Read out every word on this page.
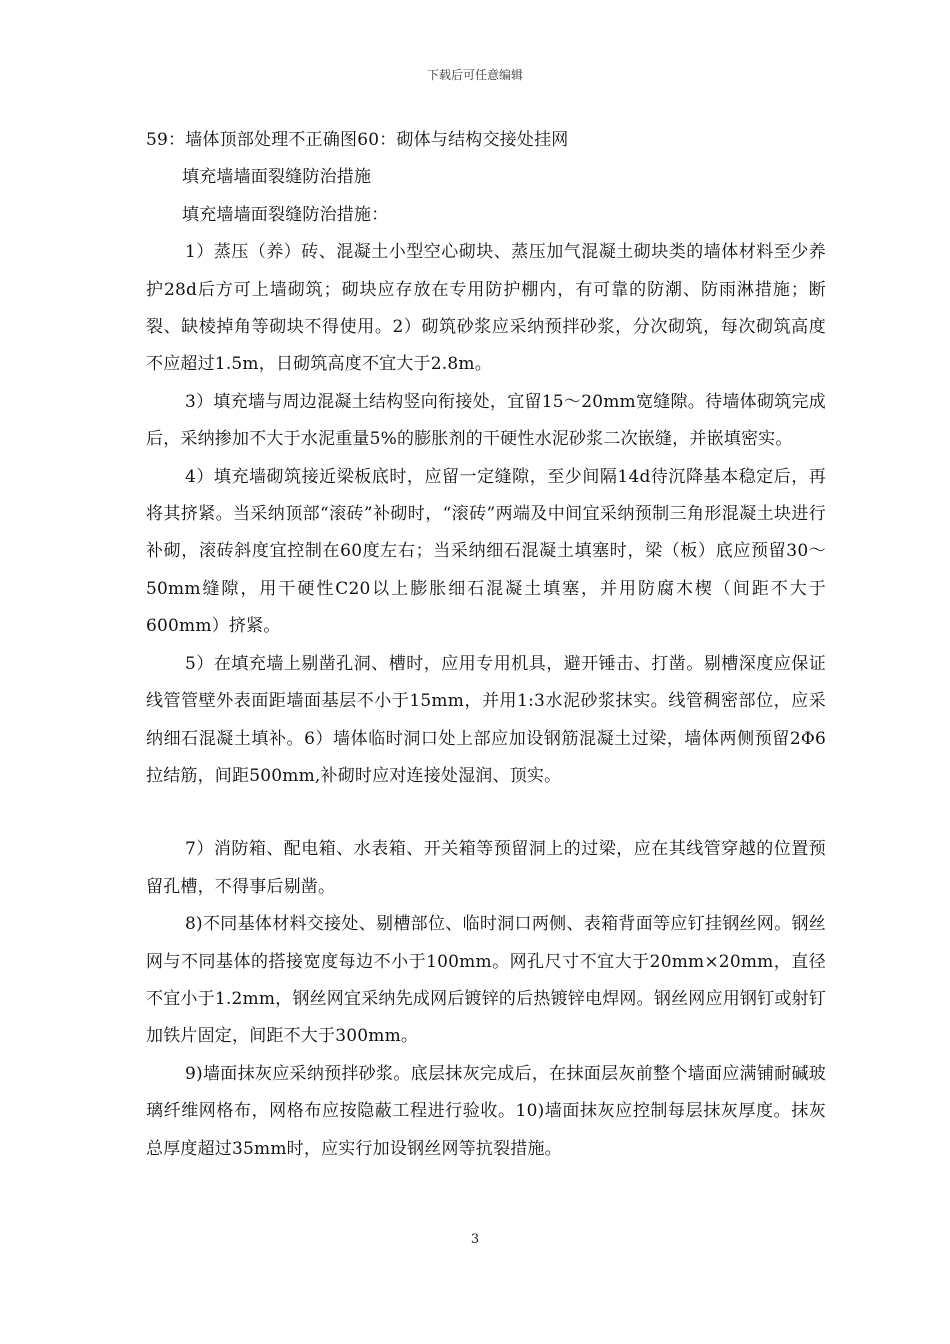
下载后可任意编辑

59：墙体顶部处理不正确图60：砌体与结构交接处挂网

填充墙墙面裂缝防治措施

填充墙墙面裂缝防治措施：

1）蒸压（养）砖、混凝土小型空心砌块、蒸压加气混凝土砌块类的墙体材料至少养护28d后方可上墙砌筑；砌块应存放在专用防护棚内，有可靠的防潮、防雨淋措施；断裂、缺棱掉角等砌块不得使用。2）砌筑砂浆应采纳预拌砂浆，分次砌筑，每次砌筑高度不应超过1.5m，日砌筑高度不宜大于2.8m。

3）填充墙与周边混凝土结构竖向衔接处，宜留15～20mm宽缝隙。待墙体砌筑完成后，采纳掺加不大于水泥重量5%的膨胀剂的干硬性水泥砂浆二次嵌缝，并嵌填密实。

4）填充墙砌筑接近梁板底时，应留一定缝隙，至少间隔14d待沉降基本稳定后，再将其挤紧。当采纳顶部“滚砖”补砌时，“滚砖”两端及中间宜采纳预制三角形混凝土块进行补砌，滚砖斜度宜控制在60度左右；当采纳细石混凝土填塞时，梁（板）底应预留30～50mm缝隙，用干硬性C20以上膨胀细石混凝土填塞，并用防腐木楔（间距不大于600mm）挤紧。

5）在填充墙上剔凿孔洞、槽时，应用专用机具，避开锤击、打凿。剔槽深度应保证线管管壁外表面距墙面基层不小于15mm，并用1:3水泥砂浆抹实。线管稠密部位，应采纳细石混凝土填补。6）墙体临时洞口处上部应加设钢筋混凝土过梁，墙体两侧预留2Φ6拉结筋，间距500mm,补砌时应对连接处湿润、顶实。

7）消防箱、配电箱、水表箱、开关箱等预留洞上的过梁，应在其线管穿越的位置预留孔槽，不得事后剔凿。

8)不同基体材料交接处、剔槽部位、临时洞口两侧、表箱背面等应钉挂钢丝网。钢丝网与不同基体的搭接宽度每边不小于100mm。网孔尺寸不宜大于20mm×20mm，直径不宜小于1.2mm，钢丝网宜采纳先成网后镀锌的后热镀锌电焊网。钢丝网应用钢钉或射钉加铁片固定，间距不大于300mm。

9)墙面抹灰应采纳预拌砂浆。底层抹灰完成后，在抹面层灰前整个墙面应满铺耐碱玻璃纤维网格布，网格布应按隐蔽工程进行验收。10)墙面抹灰应控制每层抹灰厚度。抹灰总厚度超过35mm时，应实行加设钢丝网等抗裂措施。

3
